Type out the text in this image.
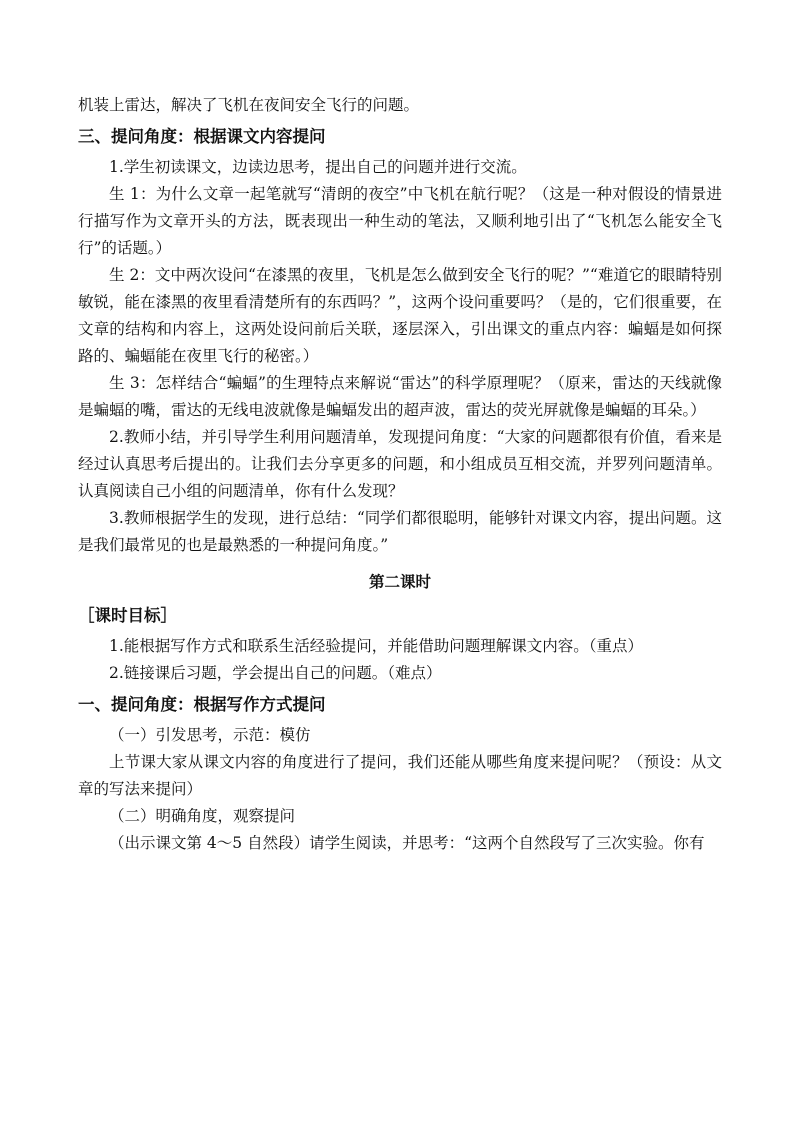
机装上雷达，解决了飞机在夜间安全飞行的问题。

三、提问角度：根据课文内容提问

1.学生初读课文，边读边思考，提出自己的问题并进行交流。

生 1：为什么文章一起笔就写“清朗的夜空”中飞机在航行呢？（这是一种对假设的情景进行描写作为文章开头的方法，既表现出一种生动的笔法，又顺利地引出了“飞机怎么能安全飞行”的话题。）

生 2：文中两次设问“在漆黑的夜里，飞机是怎么做到安全飞行的呢？”“难道它的眼睛特别敏锐，能在漆黑的夜里看清楚所有的东西吗？”，这两个设问重要吗？（是的，它们很重要，在文章的结构和内容上，这两处设问前后关联，逐层深入，引出课文的重点内容：蝙蝠是如何探路的、蝙蝠能在夜里飞行的秘密。）

生 3：怎样结合“蝙蝠”的生理特点来解说“雷达”的科学原理呢？（原来，雷达的天线就像是蝙蝠的嘴，雷达的无线电波就像是蝙蝠发出的超声波，雷达的荧光屏就像是蝙蝠的耳朵。）

2.教师小结，并引导学生利用问题清单，发现提问角度：“大家的问题都很有价值，看来是经过认真思考后提出的。让我们去分享更多的问题，和小组成员互相交流，并罗列问题清单。认真阅读自己小组的问题清单，你有什么发现？

3.教师根据学生的发现，进行总结：“同学们都很聪明，能够针对课文内容，提出问题。这是我们最常见的也是最熟悉的一种提问角度。”

第二课时

［课时目标］

1.能根据写作方式和联系生活经验提问，并能借助问题理解课文内容。（重点）

2.链接课后习题，学会提出自己的问题。（难点）

一、提问角度：根据写作方式提问

（一）引发思考，示范：模仿

上节课大家从课文内容的角度进行了提问，我们还能从哪些角度来提问呢？（预设：从文章的写法来提问）

（二）明确角度，观察提问

（出示课文第 4～5 自然段）请学生阅读，并思考：“这两个自然段写了三次实验。你有
